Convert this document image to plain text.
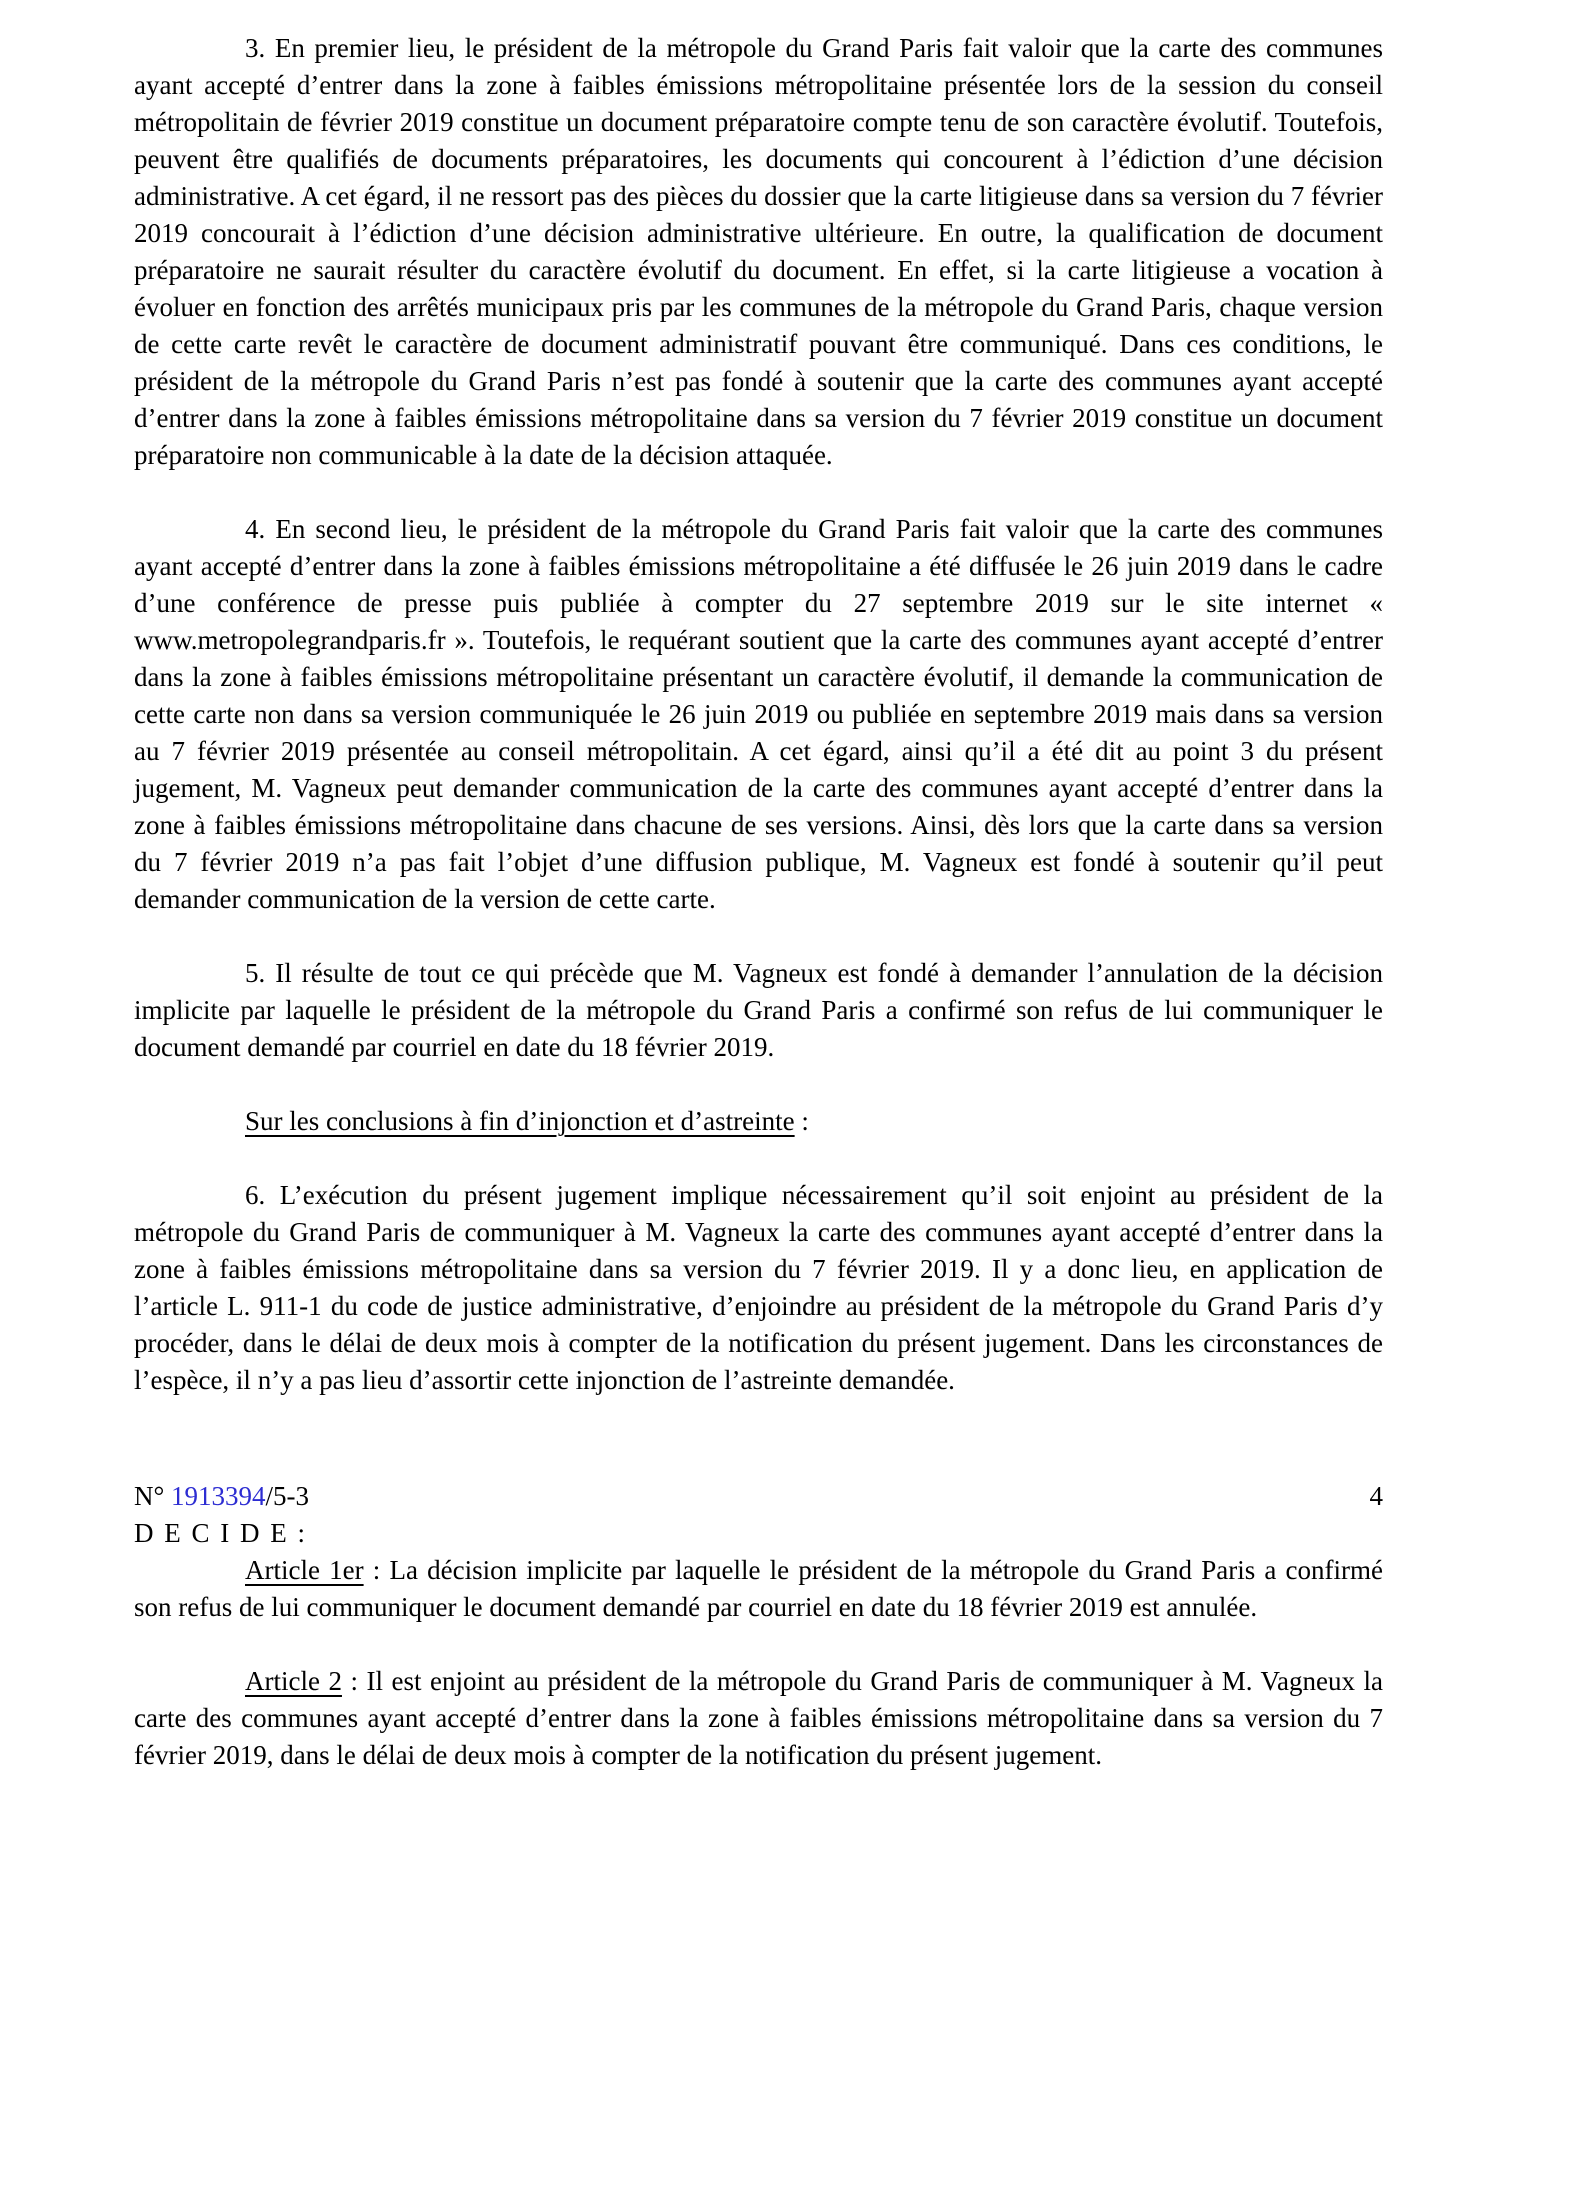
3. En premier lieu, le président de la métropole du Grand Paris fait valoir que la carte des communes ayant accepté d’entrer dans la zone à faibles émissions métropolitaine présentée lors de la session du conseil métropolitain de février 2019 constitue un document préparatoire compte tenu de son caractère évolutif. Toutefois, peuvent être qualifiés de documents préparatoires, les documents qui concourent à l’édiction d’une décision administrative. A cet égard, il ne ressort pas des pièces du dossier que la carte litigieuse dans sa version du 7 février 2019 concourait à l’édiction d’une décision administrative ultérieure. En outre, la qualification de document préparatoire ne saurait résulter du caractère évolutif du document. En effet, si la carte litigieuse a vocation à évoluer en fonction des arrêtés municipaux pris par les communes de la métropole du Grand Paris, chaque version de cette carte revêt le caractère de document administratif pouvant être communiqué. Dans ces conditions, le président de la métropole du Grand Paris n’est pas fondé à soutenir que la carte des communes ayant accepté d’entrer dans la zone à faibles émissions métropolitaine dans sa version du 7 février 2019 constitue un document préparatoire non communicable à la date de la décision attaquée.

4. En second lieu, le président de la métropole du Grand Paris fait valoir que la carte des communes ayant accepté d’entrer dans la zone à faibles émissions métropolitaine a été diffusée le 26 juin 2019 dans le cadre d’une conférence de presse puis publiée à compter du 27 septembre 2019 sur le site internet « www.metropolegrandparis.fr ». Toutefois, le requérant soutient que la carte des communes ayant accepté d’entrer dans la zone à faibles émissions métropolitaine présentant un caractère évolutif, il demande la communication de cette carte non dans sa version communiquée le 26 juin 2019 ou publiée en septembre 2019 mais dans sa version au 7 février 2019 présentée au conseil métropolitain. A cet égard, ainsi qu’il a été dit au point 3 du présent jugement, M. Vagneux peut demander communication de la carte des communes ayant accepté d’entrer dans la zone à faibles émissions métropolitaine dans chacune de ses versions. Ainsi, dès lors que la carte dans sa version du 7 février 2019 n’a pas fait l’objet d’une diffusion publique, M. Vagneux est fondé à soutenir qu’il peut demander communication de la version de cette carte.

5. Il résulte de tout ce qui précède que M. Vagneux est fondé à demander l’annulation de la décision implicite par laquelle le président de la métropole du Grand Paris a confirmé son refus de lui communiquer le document demandé par courriel en date du 18 février 2019.

Sur les conclusions à fin d’injonction et d’astreinte :

6. L’exécution du présent jugement implique nécessairement qu’il soit enjoint au président de la métropole du Grand Paris de communiquer à M. Vagneux la carte des communes ayant accepté d’entrer dans la zone à faibles émissions métropolitaine dans sa version du 7 février 2019. Il y a donc lieu, en application de l’article L. 911-1 du code de justice administrative, d’enjoindre au président de la métropole du Grand Paris d’y procéder, dans le délai de deux mois à compter de la notification du présent jugement. Dans les circonstances de l’espèce, il n’y a pas lieu d’assortir cette injonction de l’astreinte demandée.

N° 1913394/5-3	4

D E C I D E :

Article 1er : La décision implicite par laquelle le président de la métropole du Grand Paris a confirmé son refus de lui communiquer le document demandé par courriel en date du 18 février 2019 est annulée.

Article 2 : Il est enjoint au président de la métropole du Grand Paris de communiquer à M. Vagneux la carte des communes ayant accepté d’entrer dans la zone à faibles émissions métropolitaine dans sa version du 7 février 2019, dans le délai de deux mois à compter de la notification du présent jugement.
